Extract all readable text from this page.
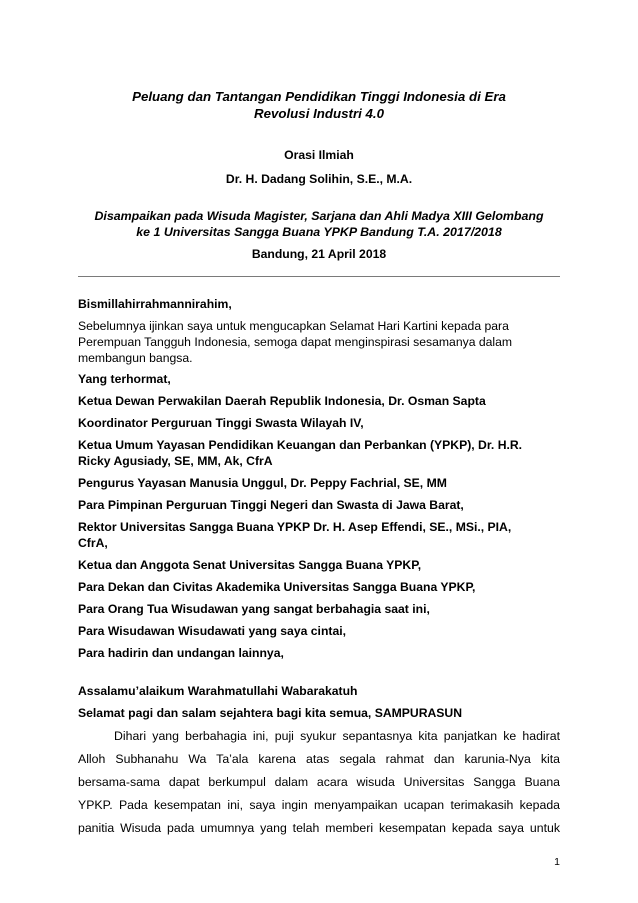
Peluang dan Tantangan Pendidikan Tinggi Indonesia di Era
Revolusi Industri 4.0
Orasi Ilmiah
Dr. H. Dadang Solihin, S.E., M.A.
Disampaikan pada Wisuda Magister, Sarjana dan Ahli Madya XIII Gelombang
ke 1 Universitas Sangga Buana YPKP Bandung T.A. 2017/2018
Bandung, 21 April 2018

Bismillahirrahmannirahim,

Sebelumnya ijinkan saya untuk mengucapkan Selamat Hari Kartini kepada para
Perempuan Tangguh Indonesia, semoga dapat menginspirasi sesamanya dalam
membangun bangsa.

Yang terhormat,

Ketua Dewan Perwakilan Daerah Republik Indonesia, Dr. Osman Sapta

Koordinator Perguruan Tinggi Swasta Wilayah IV,

Ketua Umum Yayasan Pendidikan Keuangan dan Perbankan (YPKP), Dr. H.R.
Ricky Agusiady, SE, MM, Ak, CfrA

Pengurus Yayasan Manusia Unggul, Dr. Peppy Fachrial, SE, MM

Para Pimpinan Perguruan Tinggi Negeri dan Swasta di Jawa Barat,

Rektor Universitas Sangga Buana YPKP Dr. H. Asep Effendi, SE., MSi., PIA,
CfrA,

Ketua dan Anggota Senat Universitas Sangga Buana YPKP,

Para Dekan dan Civitas Akademika Universitas Sangga Buana YPKP,

Para Orang Tua Wisudawan yang sangat berbahagia saat ini,

Para Wisudawan Wisudawati yang saya cintai,

Para hadirin dan undangan lainnya,

Assalamu’alaikum Warahmatullahi Wabarakatuh

Selamat pagi dan salam sejahtera bagi kita semua, SAMPURASUN

Dihari yang berbahagia ini, puji syukur sepantasnya kita panjatkan ke hadirat
Alloh Subhanahu Wa Ta’ala karena atas segala rahmat dan karunia-Nya kita
bersama-sama dapat berkumpul dalam acara wisuda Universitas Sangga Buana
YPKP. Pada kesempatan ini, saya ingin menyampaikan ucapan terimakasih kepada
panitia Wisuda pada umumnya yang telah memberi kesempatan kepada saya untuk
1
